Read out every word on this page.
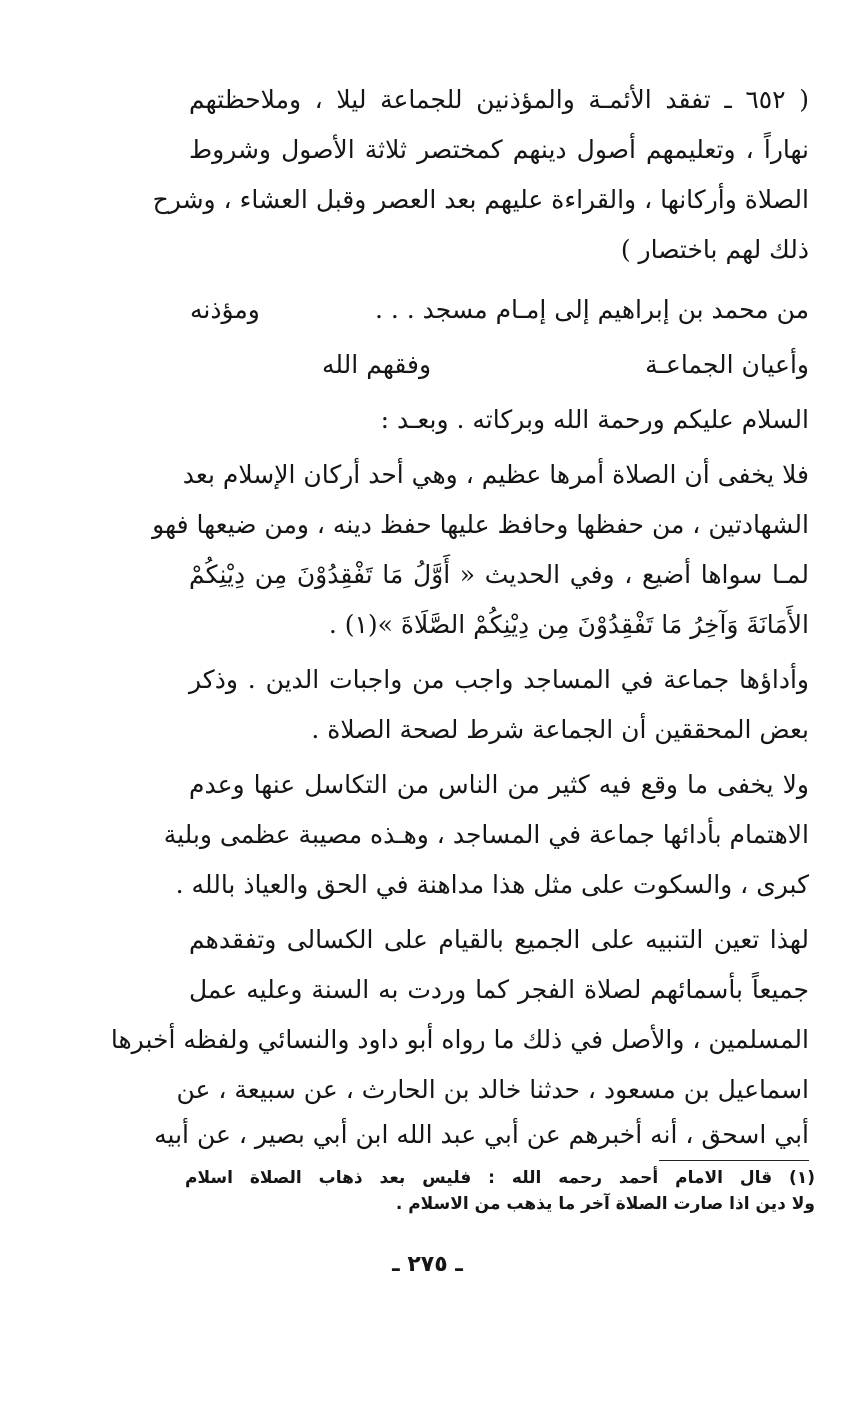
( ٦٥٢ ـ تفقد الأئمـة والمؤذنين للجماعة ليلا ، وملاحظتهم
نهاراً ، وتعليمهم أصول دينهم كمختصر ثلاثة الأصول وشروط
الصلاة وأركانها ، والقراءة عليهم بعد العصر وقبل العشاء ، وشرح
ذلك لهم باختصار )
من محمد بن إبراهيم إلى إمـام مسجد . . .
ومؤذنه
وأعيان الجماعـة
وفقهم الله
السلام عليكم ورحمة الله وبركاته . وبعـد :
فلا يخفى أن الصلاة أمرها عظيم ، وهي أحد أركان الإسلام بعد
الشهادتين ، من حفظها وحافظ عليها حفظ دينه ، ومن ضيعها فهو
لمـا سواها أضيع ، وفي الحديث « أَوَّلُ مَا تَفْقِدُوْنَ مِن دِيْنِكُمْ
الأَمَانَةَ وَآخِرُ مَا تَفْقِدُوْنَ مِن دِيْنِكُمْ الصَّلَاةَ »(١) .
وأداؤها جماعة في المساجد واجب من واجبات الدين . وذكر
بعض المحققين أن الجماعة شرط لصحة الصلاة .
ولا يخفى ما وقع فيه كثير من الناس من التكاسل عنها وعدم
الاهتمام بأدائها جماعة في المساجد ، وهـذه مصيبة عظمى وبلية
كبرى ، والسكوت على مثل هذا مداهنة في الحق والعياذ بالله .
لهذا تعين التنبيه على الجميع بالقيام على الكسالى وتفقدهم
جميعاً بأسمائهم لصلاة الفجر كما وردت به السنة وعليه عمل
المسلمين ، والأصل في ذلك ما رواه أبو داود والنسائي ولفظه أخبرها
اسماعيل بن مسعود ، حدثنا خالد بن الحارث ، عن سبيعة ، عن
أبي اسحق ، أنه أخبرهم عن أبي عبد الله ابن أبي بصير ، عن أبيه
(١) قال الامام أحمد رحمه الله : فليس بعد ذهاب الصلاة اسلام
ولا دين اذا صارت الصلاة آخر ما يذهب من الاسلام .
ـ ٢٧٥ ـ
